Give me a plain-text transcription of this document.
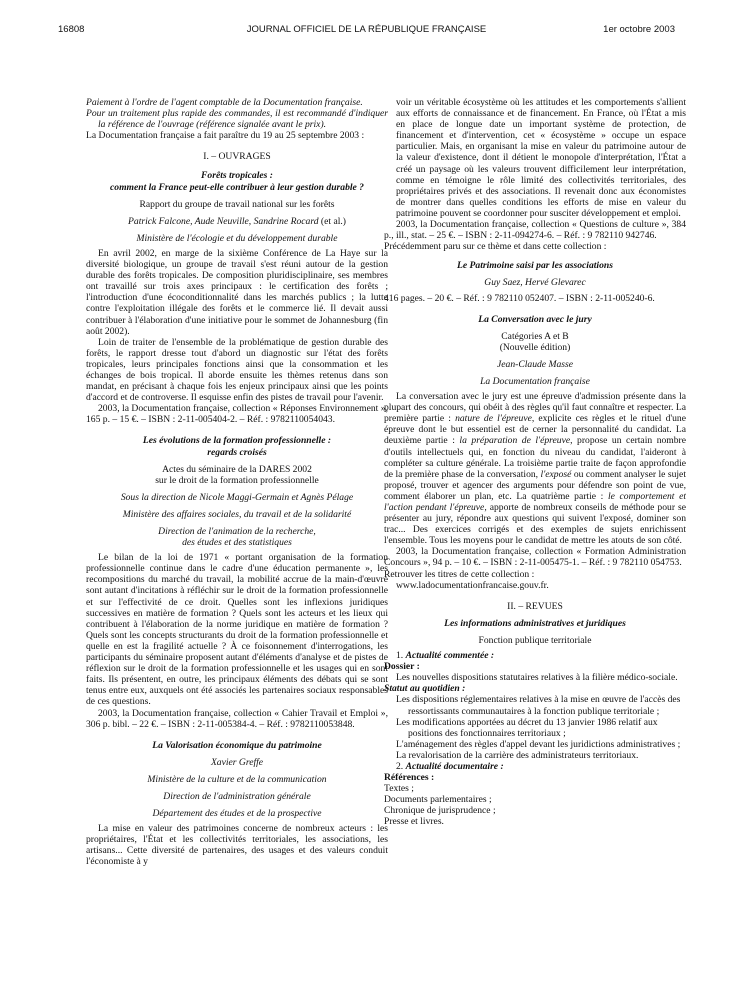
16808	JOURNAL OFFICIEL DE LA RÉPUBLIQUE FRANÇAISE	1er octobre 2003

Paiement à l'ordre de l'agent comptable de la Documentation française.

Pour un traitement plus rapide des commandes, il est recommandé d'indiquer la référence de l'ouvrage (référence signalée avant le prix).

La Documentation française a fait paraître du 19 au 25 septembre 2003 :

I. – OUVRAGES

Forêts tropicales :

comment la France peut-elle contribuer à leur gestion durable ?

Rapport du groupe de travail national sur les forêts

Patrick Falcone, Aude Neuville, Sandrine Rocard (et al.)

Ministère de l'écologie et du développement durable

En avril 2002, en marge de la sixième Conférence de La Haye sur la diversité biologique, un groupe de travail s'est réuni autour de la gestion durable des forêts tropicales. De composition pluridisciplinaire, ses membres ont travaillé sur trois axes principaux : le certification des forêts ; l'introduction d'une écoconditionnalité dans les marchés publics ; la lutte contre l'exploitation illégale des forêts et le commerce lié. Il devait aussi contribuer à l'élaboration d'une initiative pour le sommet de Johannesburg (fin août 2002).

Loin de traiter de l'ensemble de la problématique de gestion durable des forêts, le rapport dresse tout d'abord un diagnostic sur l'état des forêts tropicales, leurs principales fonctions ainsi que la consommation et les échanges de bois tropical. Il aborde ensuite les thèmes retenus dans son mandat, en précisant à chaque fois les enjeux principaux ainsi que les points d'accord et de controverse. Il esquisse enfin des pistes de travail pour l'avenir.

2003, la Documentation française, collection « Réponses Environnement », 165 p. – 15 €. – ISBN : 2-11-005404-2. – Réf. : 9782110054043.

Les évolutions de la formation professionnelle :

regards croisés

Actes du séminaire de la DARES 2002

sur le droit de la formation professionnelle

Sous la direction de Nicole Maggi-Germain et Agnès Pélage

Ministère des affaires sociales, du travail et de la solidarité

Direction de l'animation de la recherche,

des études et des statistiques

Le bilan de la loi de 1971 « portant organisation de la formation professionnelle continue dans le cadre d'une éducation permanente », les recompositions du marché du travail, la mobilité accrue de la main-d'œuvre sont autant d'incitations à réfléchir sur le droit de la formation professionnelle et sur l'effectivité de ce droit. Quelles sont les inflexions juridiques successives en matière de formation ? Quels sont les acteurs et les lieux qui contribuent à l'élaboration de la norme juridique en matière de formation ? Quels sont les concepts structurants du droit de la formation professionnelle et quelle en est la fragilité actuelle ? À ce foisonnement d'interrogations, les participants du séminaire proposent autant d'éléments d'analyse et de pistes de réflexion sur le droit de la formation professionnelle et les usages qui en sont faits. Ils présentent, en outre, les principaux éléments des débats qui se sont tenus entre eux, auxquels ont été associés les partenaires sociaux responsables de ces questions.

2003, la Documentation française, collection « Cahier Travail et Emploi », 306 p. bibl. – 22 €. – ISBN : 2-11-005384-4. – Réf. : 9782110053848.

La Valorisation économique du patrimoine

Xavier Greffe

Ministère de la culture et de la communication

Direction de l'administration générale

Département des études et de la prospective

La mise en valeur des patrimoines concerne de nombreux acteurs : les propriétaires, l'État et les collectivités territoriales, les associations, les artisans... Cette diversité de partenaires, des usages et des valeurs conduit l'économiste à y

voir un véritable écosystème où les attitudes et les comportements s'allient aux efforts de connaissance et de financement. En France, où l'État a mis en place de longue date un important système de protection, de financement et d'intervention, cet « écosystème » occupe un espace particulier. Mais, en organisant la mise en valeur du patrimoine autour de la valeur d'existence, dont il détient le monopole d'interprétation, l'État a créé un paysage où les valeurs trouvent difficilement leur interprétation, comme en témoigne le rôle limité des collectivités territoriales, des propriétaires privés et des associations. Il revenait donc aux économistes de montrer dans quelles conditions les efforts de mise en valeur du patrimoine pouvent se coordonner pour susciter développement et emploi.

2003, la Documentation française, collection « Questions de culture », 384 p., ill., stat. – 25 €. – ISBN : 2-11-094274-6. – Réf. : 9 782110 942746.

Précédemment paru sur ce thème et dans cette collection :

Le Patrimoine saisi par les associations

Guy Saez, Hervé Glevarec

416 pages. – 20 €. – Réf. : 9 782110 052407. – ISBN : 2-11-005240-6.

La Conversation avec le jury

Catégories A et B

(Nouvelle édition)

Jean-Claude Masse

La Documentation française

La conversation avec le jury est une épreuve d'admission présente dans la plupart des concours, qui obéit à des règles qu'il faut connaître et respecter. La première partie : nature de l'épreuve, explicite ces règles et le rituel d'une épreuve dont le but essentiel est de cerner la personnalité du candidat. La deuxième partie : la préparation de l'épreuve, propose un certain nombre d'outils intellectuels qui, en fonction du niveau du candidat, l'aideront à compléter sa culture générale. La troisième partie traite de façon approfondie de la première phase de la conversation, l'exposé ou comment analyser le sujet proposé, trouver et agencer des arguments pour défendre son point de vue, comment élaborer un plan, etc. La quatrième partie : le comportement et l'action pendant l'épreuve, apporte de nombreux conseils de méthode pour se présenter au jury, répondre aux questions qui suivent l'exposé, dominer son trac... Des exercices corrigés et des exemples de sujets enrichissent l'ensemble. Tous les moyens pour le candidat de mettre les atouts de son côté.

2003, la Documentation française, collection « Formation Administration Concours », 94 p. – 10 €. – ISBN : 2-11-005475-1. – Réf. : 9 782110 054753.

Retrouver les titres de cette collection :

www.ladocumentationfrancaise.gouv.fr.

II. – REVUES

Les informations administratives et juridiques

Fonction publique territoriale

1. Actualité commentée :

Dossier :

Les nouvelles dispositions statutaires relatives à la filière médico-sociale.

Statut au quotidien :

Les dispositions réglementaires relatives à la mise en œuvre de l'accès des ressortissants communautaires à la fonction publique territoriale ;

Les modifications apportées au décret du 13 janvier 1986 relatif aux positions des fonctionnaires territoriaux ;

L'aménagement des règles d'appel devant les juridictions administratives ;

La revalorisation de la carrière des administrateurs territoriaux.

2. Actualité documentaire :

Références :

Textes ;

Documents parlementaires ;

Chronique de jurisprudence ;

Presse et livres.
